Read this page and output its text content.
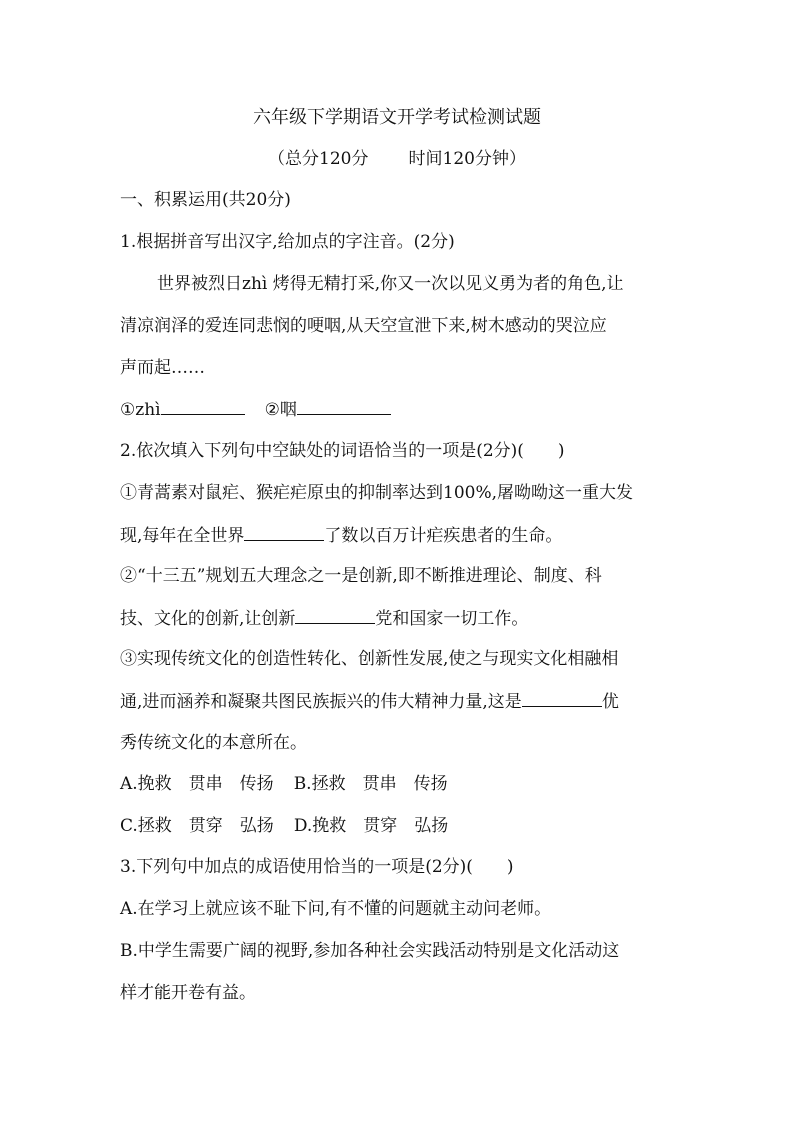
六年级下学期语文开学考试检测试题
（总分120分 时间120分钟）
一、积累运用(共20分)
1.根据拼音写出汉字,给加点的字注音。(2分)
世界被烈日zhì 烤得无精打采,你又一次以见义勇为者的角色,让
清凉润泽的爱连同悲悯的哽咽,从天空宣泄下来,树木感动的哭泣应
声而起……
①zhì	②咽
2.依次填入下列句中空缺处的词语恰当的一项是(2分)(　　)
①青蒿素对鼠疟、猴疟疟原虫的抑制率达到100%,屠呦呦这一重大发
现,每年在全世界	了数以百万计疟疾患者的生命。
②“十三五”规划五大理念之一是创新,即不断推进理论、制度、科
技、文化的创新,让创新	党和国家一切工作。
③实现传统文化的创造性转化、创新性发展,使之与现实文化相融相
通,进而涵养和凝聚共图民族振兴的伟大精神力量,这是	优
秀传统文化的本意所在。
A.挽救　贯串　传扬 B.拯救　贯串　传扬
C.拯救　贯穿　弘扬 D.挽救　贯穿　弘扬
3.下列句中加点的成语使用恰当的一项是(2分)(　　)
A.在学习上就应该不耻下问,有不懂的问题就主动问老师。
B.中学生需要广阔的视野,参加各种社会实践活动特别是文化活动这
样才能开卷有益。
